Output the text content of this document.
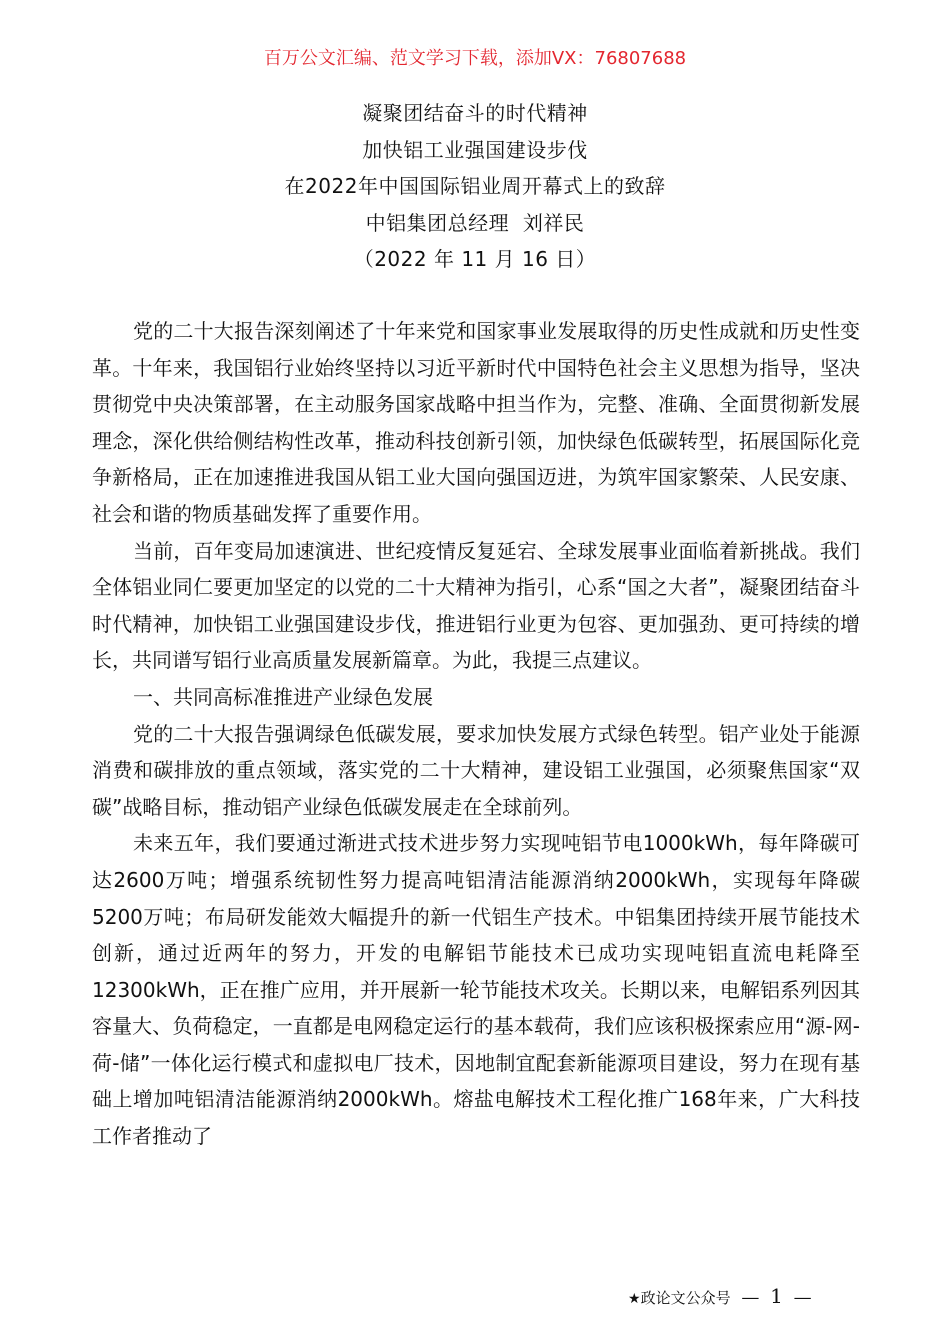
百万公文汇编、范文学习下载，添加VX：76807688
凝聚团结奋斗的时代精神
加快铝工业强国建设步伐
在2022年中国国际铝业周开幕式上的致辞
中铝集团总经理  刘祥民
（2022 年 11 月 16 日）

党的二十大报告深刻阐述了十年来党和国家事业发展取得的历史性成就和历史性变革。十年来，我国铝行业始终坚持以习近平新时代中国特色社会主义思想为指导，坚决贯彻党中央决策部署，在主动服务国家战略中担当作为，完整、准确、全面贯彻新发展理念，深化供给侧结构性改革，推动科技创新引领，加快绿色低碳转型，拓展国际化竞争新格局，正在加速推进我国从铝工业大国向强国迈进，为筑牢国家繁荣、人民安康、社会和谐的物质基础发挥了重要作用。

当前，百年变局加速演进、世纪疫情反复延宕、全球发展事业面临着新挑战。我们全体铝业同仁要更加坚定的以党的二十大精神为指引，心系“国之大者”，凝聚团结奋斗时代精神，加快铝工业强国建设步伐，推进铝行业更为包容、更加强劲、更可持续的增长，共同谱写铝行业高质量发展新篇章。为此，我提三点建议。

一、共同高标准推进产业绿色发展

党的二十大报告强调绿色低碳发展，要求加快发展方式绿色转型。铝产业处于能源消费和碳排放的重点领域，落实党的二十大精神，建设铝工业强国，必须聚焦国家“双碳”战略目标，推动铝产业绿色低碳发展走在全球前列。

未来五年，我们要通过渐进式技术进步努力实现吨铝节电1000kWh，每年降碳可达2600万吨；增强系统韧性努力提高吨铝清洁能源消纳2000kWh，实现每年降碳5200万吨；布局研发能效大幅提升的新一代铝生产技术。中铝集团持续开展节能技术创新，通过近两年的努力，开发的电解铝节能技术已成功实现吨铝直流电耗降至12300kWh，正在推广应用，并开展新一轮节能技术攻关。长期以来，电解铝系列因其容量大、负荷稳定，一直都是电网稳定运行的基本载荷，我们应该积极探索应用“源-网-荷-储”一体化运行模式和虚拟电厂技术，因地制宜配套新能源项目建设，努力在现有基础上增加吨铝清洁能源消纳2000kWh。熔盐电解技术工程化推广168年来，广大科技工作者推动了

★政论文公众号 — 1 —
